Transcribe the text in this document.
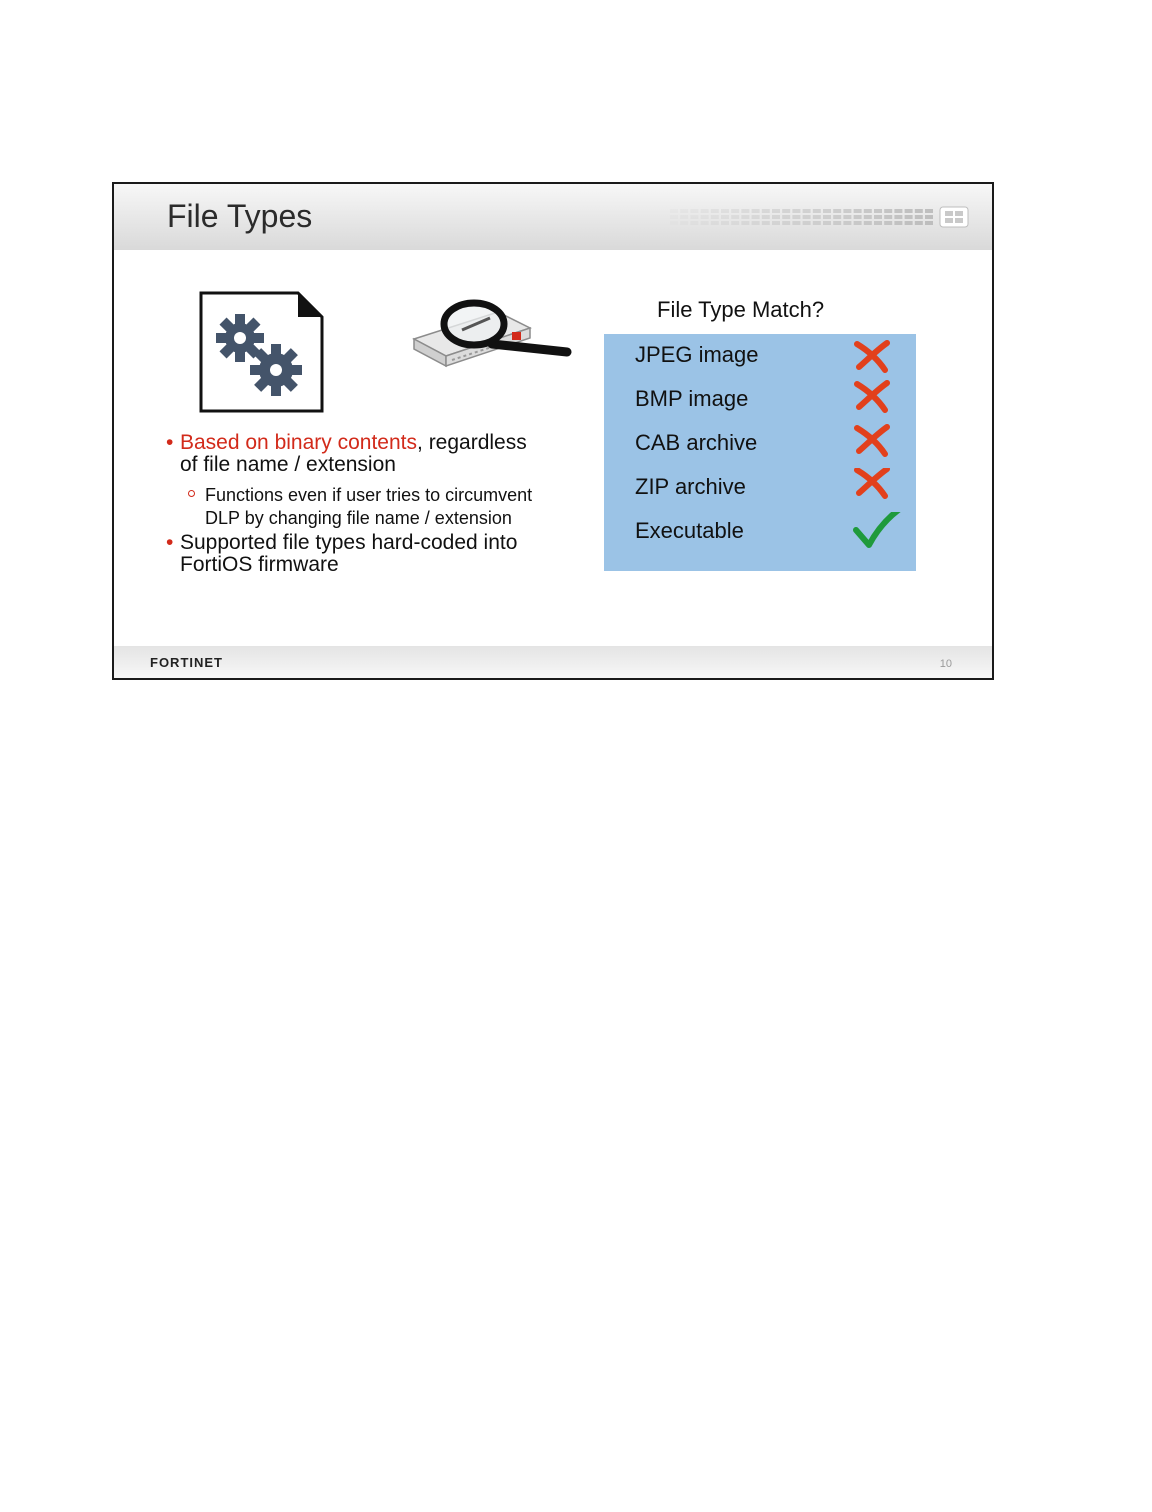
File Types
• Based on binary contents, regardless of file name / extension
Functions even if user tries to circumvent DLP by changing file name / extension
• Supported file types hard-coded into FortiOS firmware
File Type Match?
JPEG image
BMP image
CAB archive
ZIP archive
Executable
FORTINET	10
